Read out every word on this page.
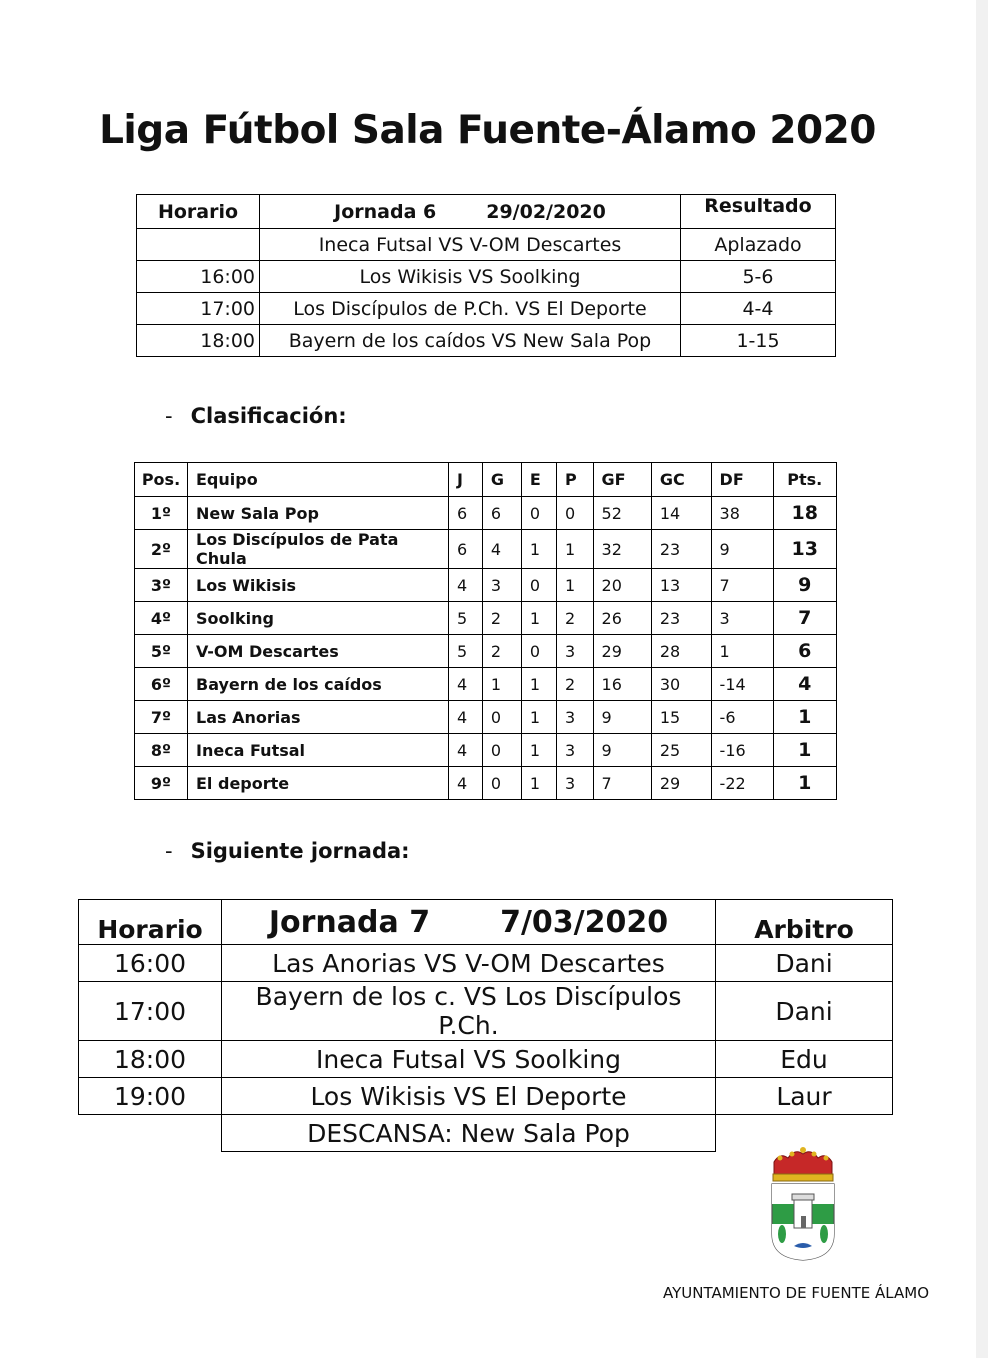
Liga Fútbol Sala Fuente-Álamo 2020
Horario	Jornada 6 29/02/2020	Resultado
	Ineca Futsal VS V-OM Descartes	Aplazado
16:00	Los Wikisis VS Soolking	5-6
17:00	Los Discípulos de P.Ch. VS El Deporte	4-4
18:00	Bayern de los caídos VS New Sala Pop	1-15
- Clasificación:
Pos.	Equipo	J	G	E	P	GF	GC	DF	Pts.
1º	New Sala Pop	6	6	0	0	52	14	38	18
2º	Los Discípulos de Pata Chula	6	4	1	1	32	23	9	13
3º	Los Wikisis	4	3	0	1	20	13	7	9
4º	Soolking	5	2	1	2	26	23	3	7
5º	V-OM Descartes	5	2	0	3	29	28	1	6
6º	Bayern de los caídos	4	1	1	2	16	30	-14	4
7º	Las Anorias	4	0	1	3	9	15	-6	1
8º	Ineca Futsal	4	0	1	3	9	25	-16	1
9º	El deporte	4	0	1	3	7	29	-22	1
- Siguiente jornada:
Horario	Jornada 7 7/03/2020	Arbitro
16:00	Las Anorias VS V-OM Descartes	Dani
17:00	Bayern de los c. VS Los Discípulos P.Ch.	Dani
18:00	Ineca Futsal VS Soolking	Edu
19:00	Los Wikisis VS El Deporte	Laur
	DESCANSA: New Sala Pop	
AYUNTAMIENTO DE FUENTE ÁLAMO
